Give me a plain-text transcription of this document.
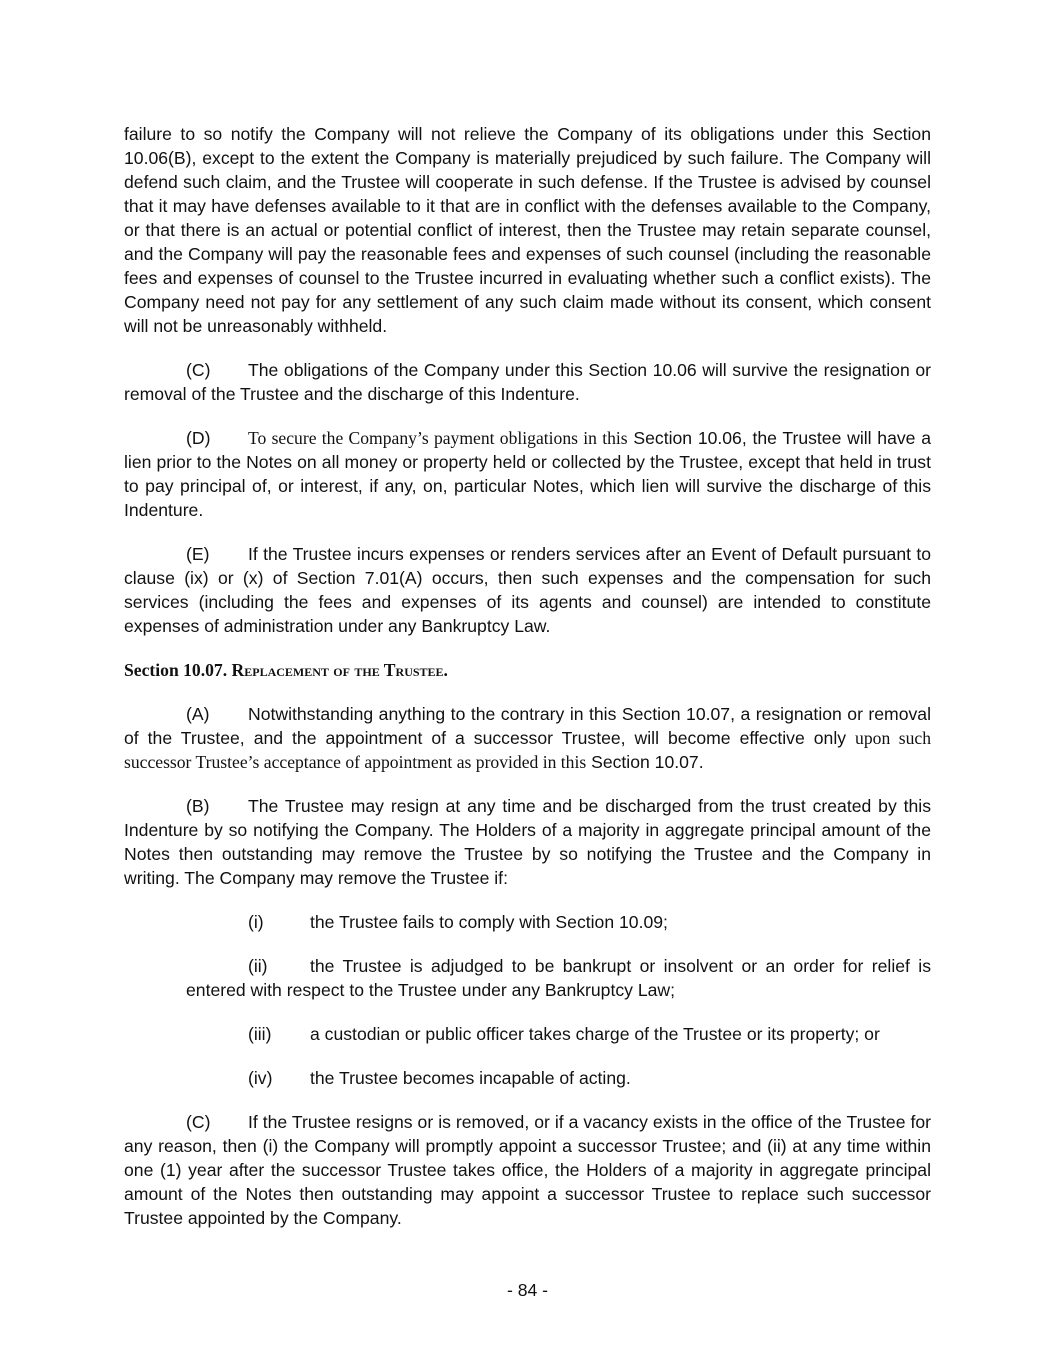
failure to so notify the Company will not relieve the Company of its obligations under this Section 10.06(B), except to the extent the Company is materially prejudiced by such failure. The Company will defend such claim, and the Trustee will cooperate in such defense. If the Trustee is advised by counsel that it may have defenses available to it that are in conflict with the defenses available to the Company, or that there is an actual or potential conflict of interest, then the Trustee may retain separate counsel, and the Company will pay the reasonable fees and expenses of such counsel (including the reasonable fees and expenses of counsel to the Trustee incurred in evaluating whether such a conflict exists). The Company need not pay for any settlement of any such claim made without its consent, which consent will not be unreasonably withheld.

(C) The obligations of the Company under this Section 10.06 will survive the resignation or removal of the Trustee and the discharge of this Indenture.

(D) To secure the Company’s payment obligations in this Section 10.06, the Trustee will have a lien prior to the Notes on all money or property held or collected by the Trustee, except that held in trust to pay principal of, or interest, if any, on, particular Notes, which lien will survive the discharge of this Indenture.

(E) If the Trustee incurs expenses or renders services after an Event of Default pursuant to clause (ix) or (x) of Section 7.01(A) occurs, then such expenses and the compensation for such services (including the fees and expenses of its agents and counsel) are intended to constitute expenses of administration under any Bankruptcy Law.

Section 10.07. Replacement of the Trustee.

(A) Notwithstanding anything to the contrary in this Section 10.07, a resignation or removal of the Trustee, and the appointment of a successor Trustee, will become effective only upon such successor Trustee’s acceptance of appointment as provided in this Section 10.07.

(B) The Trustee may resign at any time and be discharged from the trust created by this Indenture by so notifying the Company. The Holders of a majority in aggregate principal amount of the Notes then outstanding may remove the Trustee by so notifying the Trustee and the Company in writing. The Company may remove the Trustee if:

(i)	the Trustee fails to comply with Section 10.09;

(ii) the Trustee is adjudged to be bankrupt or insolvent or an order for relief is entered with respect to the Trustee under any Bankruptcy Law;

(iii) a custodian or public officer takes charge of the Trustee or its property; or

(iv) the Trustee becomes incapable of acting.

(C) If the Trustee resigns or is removed, or if a vacancy exists in the office of the Trustee for any reason, then (i) the Company will promptly appoint a successor Trustee; and (ii) at any time within one (1) year after the successor Trustee takes office, the Holders of a majority in aggregate principal amount of the Notes then outstanding may appoint a successor Trustee to replace such successor Trustee appointed by the Company.

- 84 -
